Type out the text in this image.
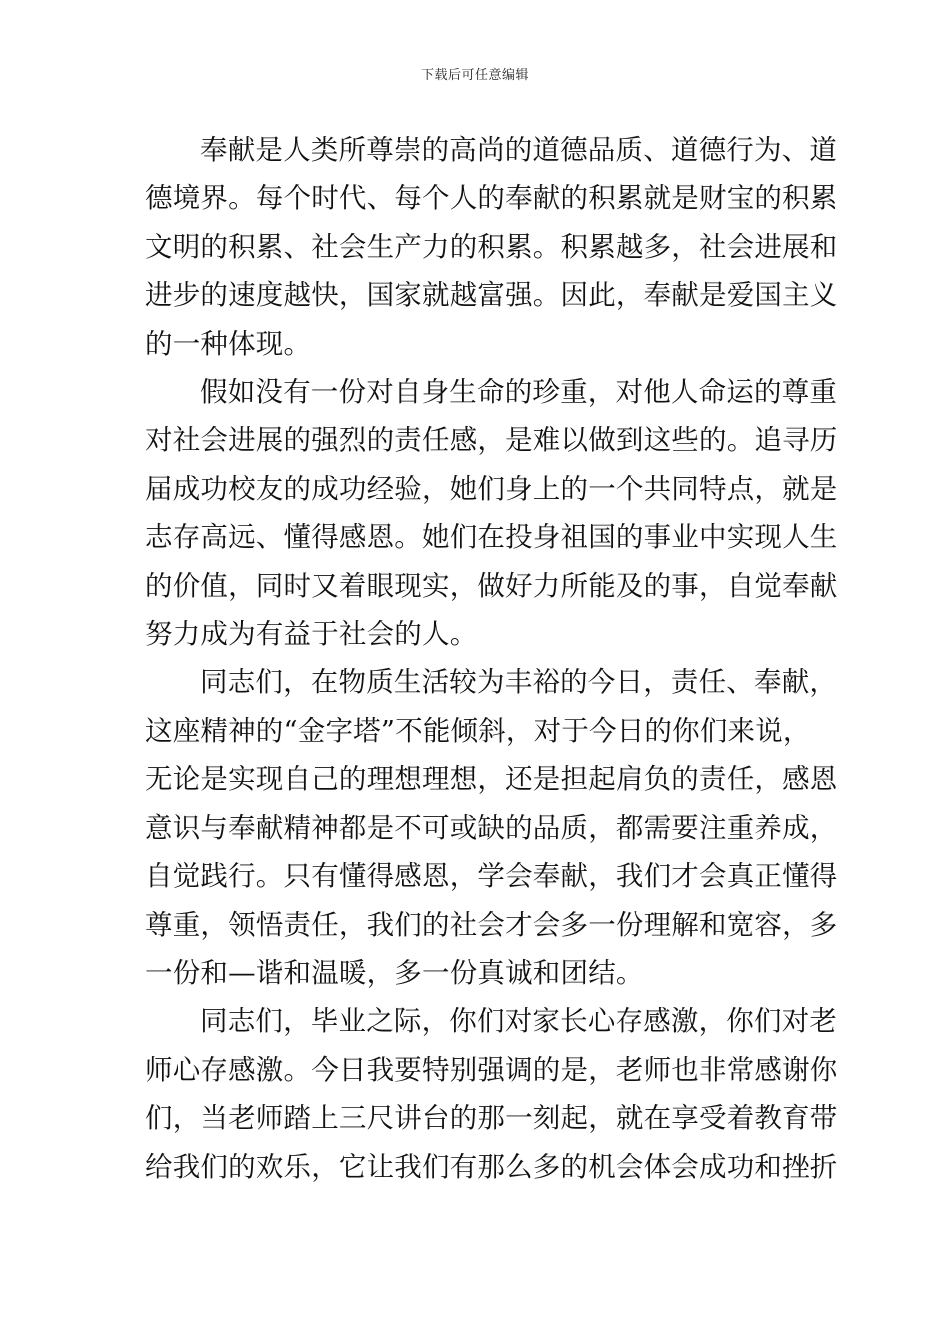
下载后可任意编辑
奉献是人类所尊崇的高尚的道德品质、道德行为、道
德境界。每个时代、每个人的奉献的积累就是财宝的积累
文明的积累、社会生产力的积累。积累越多，社会进展和
进步的速度越快，国家就越富强。因此，奉献是爱国主义
的一种体现。
假如没有一份对自身生命的珍重，对他人命运的尊重
对社会进展的强烈的责任感，是难以做到这些的。追寻历
届成功校友的成功经验，她们身上的一个共同特点，就是
志存高远、懂得感恩。她们在投身祖国的事业中实现人生
的价值，同时又着眼现实，做好力所能及的事，自觉奉献
努力成为有益于社会的人。
同志们，在物质生活较为丰裕的今日，责任、奉献，
这座精神的“金字塔”不能倾斜，对于今日的你们来说，
无论是实现自己的理想理想，还是担起肩负的责任，感恩
意识与奉献精神都是不可或缺的品质，都需要注重养成，
自觉践行。只有懂得感恩，学会奉献，我们才会真正懂得
尊重，领悟责任，我们的社会才会多一份理解和宽容，多
一份和—谐和温暖，多一份真诚和团结。
同志们，毕业之际，你们对家长心存感激，你们对老
师心存感激。今日我要特别强调的是，老师也非常感谢你
们，当老师踏上三尺讲台的那一刻起，就在享受着教育带
给我们的欢乐，它让我们有那么多的机会体会成功和挫折
